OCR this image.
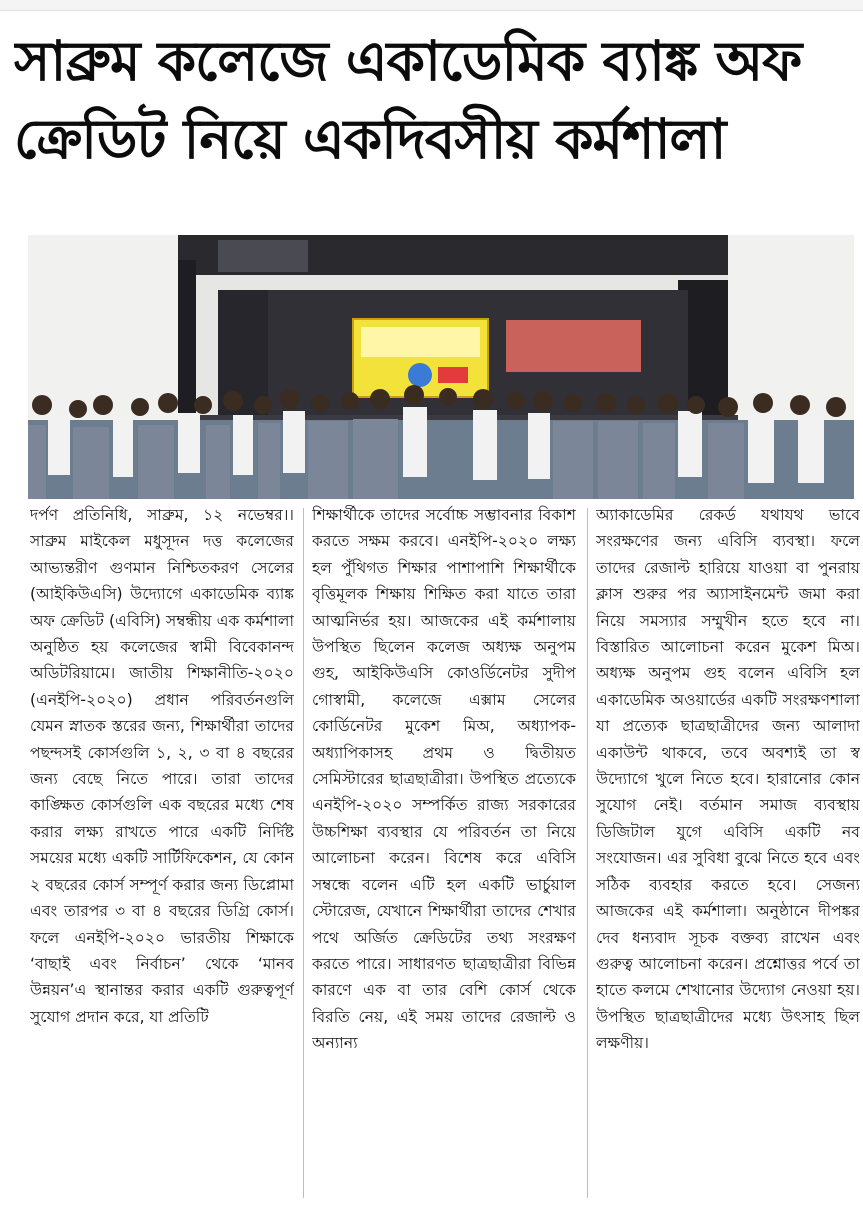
সাব্রুম কলেজে একাডেমিক ব্যাঙ্ক অফ
ক্রেডিট নিয়ে একদিবসীয় কর্মশালা
দর্পণ প্রতিনিধি, সাব্রুম, ১২ নভেম্বর।। সাব্রুম মাইকেল মধুসূদন দত্ত কলেজের আভ্যন্তরীণ গুণমান নিশ্চিতকরণ সেলের (আইকিউএসি) উদ্যোগে একাডেমিক ব্যাঙ্ক অফ ক্রেডিট (এবিসি) সম্বন্ধীয় এক কর্মশালা অনুষ্ঠিত হয় কলেজের স্বামী বিবেকানন্দ অডিটরিয়ামে। জাতীয় শিক্ষানীতি-২০২০ (এনইপি-২০২০) প্রধান পরিবর্তনগুলি যেমন স্নাতক স্তরের জন্য, শিক্ষার্থীরা তাদের পছন্দসই কোর্সগুলি ১, ২, ৩ বা ৪ বছরের জন্য বেছে নিতে পারে। তারা তাদের কাঙ্ক্ষিত কোর্সগুলি এক বছরের মধ্যে শেষ করার লক্ষ্য রাখতে পারে একটি নির্দিষ্ট সময়ের মধ্যে একটি সার্টিফিকেশন, যে কোন ২ বছরের কোর্স সম্পূর্ণ করার জন্য ডিপ্লোমা এবং তারপর ৩ বা ৪ বছরের ডিগ্রি কোর্স। ফলে এনইপি-২০২০ ভারতীয় শিক্ষাকে ‘বাছাই এবং নির্বাচন’ থেকে ‘মানব উন্নয়ন’এ স্থানান্তর করার একটি গুরুত্বপূর্ণ সুযোগ প্রদান করে, যা প্রতিটি
শিক্ষার্থীকে তাদের সর্বোচ্চ সম্ভাবনার বিকাশ করতে সক্ষম করবে। এনইপি-২০২০ লক্ষ্য হল পুঁথিগত শিক্ষার পাশাপাশি শিক্ষার্থীকে বৃত্তিমূলক শিক্ষায় শিক্ষিত করা যাতে তারা আত্মনির্ভর হয়। আজকের এই কর্মশালায় উপস্থিত ছিলেন কলেজ অধ্যক্ষ অনুপম গুহ, আইকিউএসি কোওর্ডিনেটর সুদীপ গোস্বামী, কলেজে এক্সাম সেলের কোর্ডিনেটর মুকেশ মিঅ, অধ্যাপক-অধ্যাপিকাসহ প্রথম ও দ্বিতীয়ত সেমিস্টারের ছাত্রছাত্রীরা। উপস্থিত প্রত্যেকে এনইপি-২০২০ সম্পর্কিত রাজ্য সরকারের উচ্চশিক্ষা ব্যবস্থার যে পরিবর্তন তা নিয়ে আলোচনা করেন। বিশেষ করে এবিসি সম্বন্ধে বলেন এটি হল একটি ভার্চুয়াল স্টোরেজ, যেখানে শিক্ষার্থীরা তাদের শেখার পথে অর্জিত ক্রেডিটের তথ্য সংরক্ষণ করতে পারে। সাধারণত ছাত্রছাত্রীরা বিভিন্ন কারণে এক বা তার বেশি কোর্স থেকে বিরতি নেয়, এই সময় তাদের রেজাল্ট ও অন্যান্য
অ্যাকাডেমির রেকর্ড যথাযথ ভাবে সংরক্ষণের জন্য এবিসি ব্যবস্থা। ফলে তাদের রেজাল্ট হারিয়ে যাওয়া বা পুনরায় ক্লাস শুরুর পর অ্যাসাইনমেন্ট জমা করা নিয়ে সমস্যার সম্মুখীন হতে হবে না। বিস্তারিত আলোচনা করেন মুকেশ মিঅ। অধ্যক্ষ অনুপম গুহ বলেন এবিসি হল একাডেমিক অওয়ার্ডের একটি সংরক্ষণশালা যা প্রত্যেক ছাত্রছাত্রীদের জন্য আলাদা একাউন্ট থাকবে, তবে অবশ্যই তা স্ব উদ্যোগে খুলে নিতে হবে। হারানোর কোন সুযোগ নেই। বর্তমান সমাজ ব্যবস্থায় ডিজিটাল যুগে এবিসি একটি নব সংযোজন। এর সুবিধা বুঝে নিতে হবে এবং সঠিক ব্যবহার করতে হবে। সেজন্য আজকের এই কর্মশালা। অনুষ্ঠানে দীপঙ্কর দেব ধন্যবাদ সূচক বক্তব্য রাখেন এবং গুরুত্ব আলোচনা করেন। প্রশ্নোত্তর পর্বে তা হাতে কলমে শেখানোর উদ্যোগ নেওয়া হয়। উপস্থিত ছাত্রছাত্রীদের মধ্যে উৎসাহ ছিল লক্ষণীয়।
